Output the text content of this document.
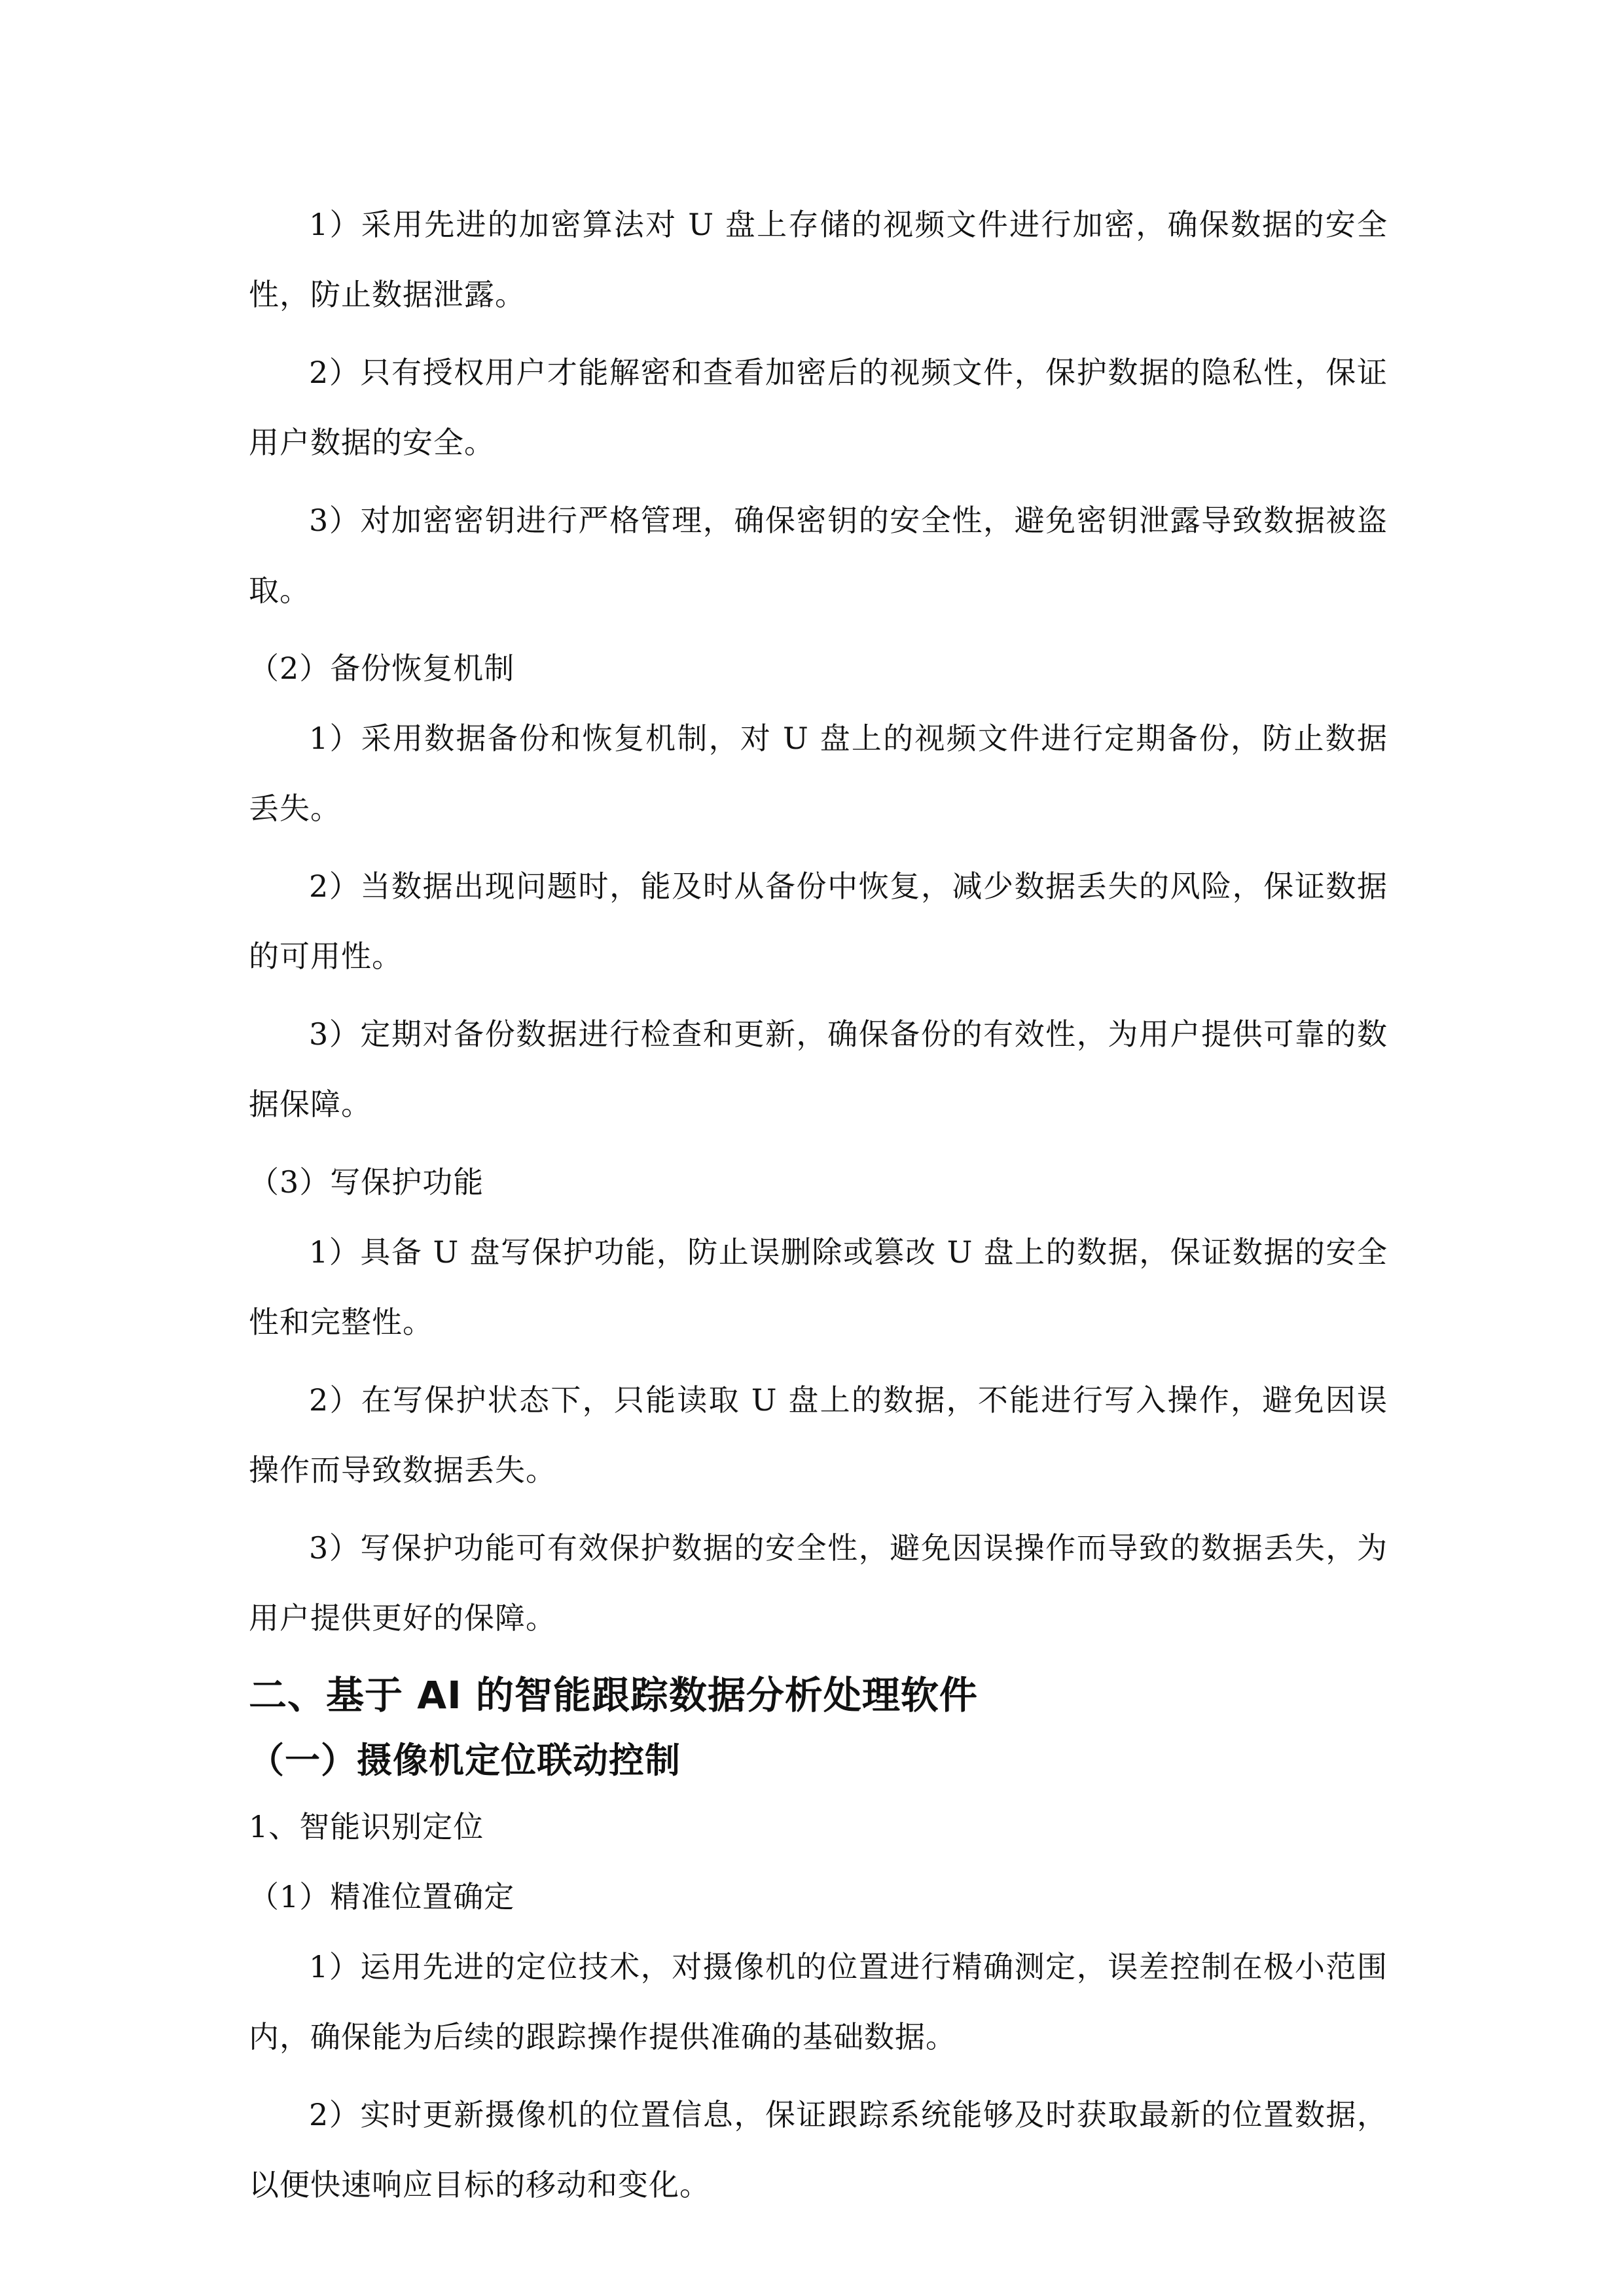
1）采用先进的加密算法对 U 盘上存储的视频文件进行加密，确保数据的安全性，防止数据泄露。

2）只有授权用户才能解密和查看加密后的视频文件，保护数据的隐私性，保证用户数据的安全。

3）对加密密钥进行严格管理，确保密钥的安全性，避免密钥泄露导致数据被盗取。

（2）备份恢复机制

1）采用数据备份和恢复机制，对 U 盘上的视频文件进行定期备份，防止数据丢失。

2）当数据出现问题时，能及时从备份中恢复，减少数据丢失的风险，保证数据的可用性。

3）定期对备份数据进行检查和更新，确保备份的有效性，为用户提供可靠的数据保障。

（3）写保护功能

1）具备 U 盘写保护功能，防止误删除或篡改 U 盘上的数据，保证数据的安全性和完整性。

2）在写保护状态下，只能读取 U 盘上的数据，不能进行写入操作，避免因误操作而导致数据丢失。

3）写保护功能可有效保护数据的安全性，避免因误操作而导致的数据丢失，为用户提供更好的保障。

二、基于 AI 的智能跟踪数据分析处理软件
（一）摄像机定位联动控制
1、智能识别定位
（1）精准位置确定

1）运用先进的定位技术，对摄像机的位置进行精确测定，误差控制在极小范围内，确保能为后续的跟踪操作提供准确的基础数据。

2）实时更新摄像机的位置信息，保证跟踪系统能够及时获取最新的位置数据，以便快速响应目标的移动和变化。
